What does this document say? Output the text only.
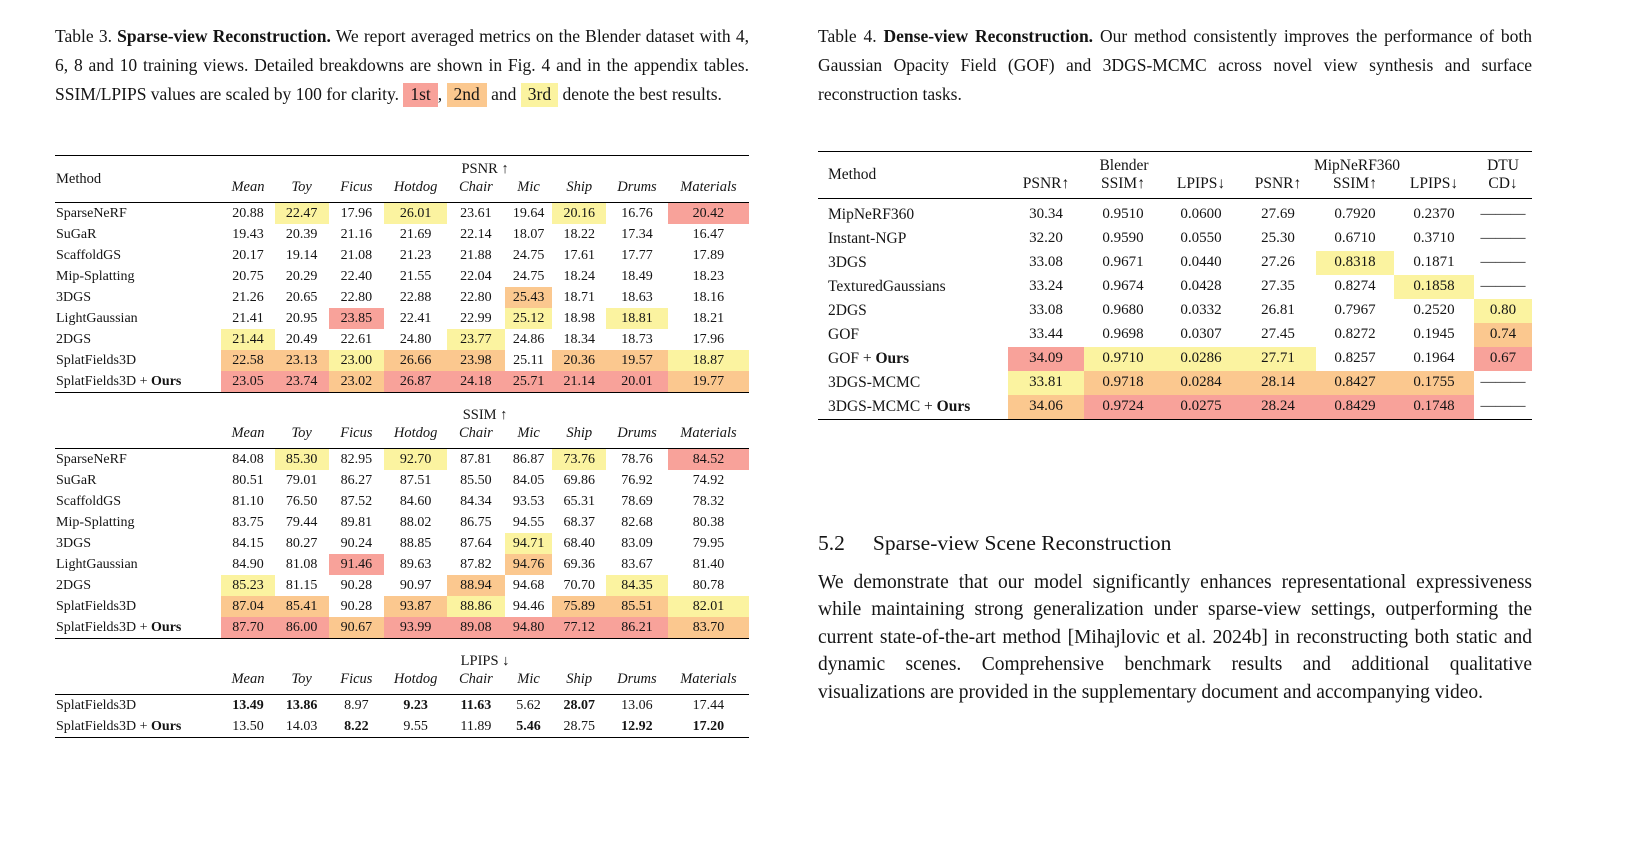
Table 3. Sparse-view Reconstruction. We report averaged metrics on the Blender dataset with 4, 6, 8 and 10 training views. Detailed breakdowns are shown in Fig. 4 and in the appendix tables. SSIM/LPIPS values are scaled by 100 for clarity. 1st , 2nd and 3rd denote the best results.

Method	PSNR ↑								
	Mean	Toy	Ficus	Hotdog	Chair	Mic	Ship	Drums	Materials
SparseNeRF	20.88	22.47	17.96	26.01	23.61	19.64	20.16	16.76	20.42
SuGaR	19.43	20.39	21.16	21.69	22.14	18.07	18.22	17.34	16.47
ScaffoldGS	20.17	19.14	21.08	21.23	21.88	24.75	17.61	17.77	17.89
Mip-Splatting	20.75	20.29	22.40	21.55	22.04	24.75	18.24	18.49	18.23
3DGS	21.26	20.65	22.80	22.88	22.80	25.43	18.71	18.63	18.16
LightGaussian	21.41	20.95	23.85	22.41	22.99	25.12	18.98	18.81	18.21
2DGS	21.44	20.49	22.61	24.80	23.77	24.86	18.34	18.73	17.96
SplatFields3D	22.58	23.13	23.00	26.66	23.98	25.11	20.36	19.57	18.87
SplatFields3D + Ours	23.05	23.74	23.02	26.87	24.18	25.71	21.14	20.01	19.77
	SSIM ↑								
	Mean	Toy	Ficus	Hotdog	Chair	Mic	Ship	Drums	Materials
SparseNeRF	84.08	85.30	82.95	92.70	87.81	86.87	73.76	78.76	84.52
SuGaR	80.51	79.01	86.27	87.51	85.50	84.05	69.86	76.92	74.92
ScaffoldGS	81.10	76.50	87.52	84.60	84.34	93.53	65.31	78.69	78.32
Mip-Splatting	83.75	79.44	89.81	88.02	86.75	94.55	68.37	82.68	80.38
3DGS	84.15	80.27	90.24	88.85	87.64	94.71	68.40	83.09	79.95
LightGaussian	84.90	81.08	91.46	89.63	87.82	94.76	69.36	83.67	81.40
2DGS	85.23	81.15	90.28	90.97	88.94	94.68	70.70	84.35	80.78
SplatFields3D	87.04	85.41	90.28	93.87	88.86	94.46	75.89	85.51	82.01
SplatFields3D + Ours	87.70	86.00	90.67	93.99	89.08	94.80	77.12	86.21	83.70
	LPIPS ↓								
	Mean	Toy	Ficus	Hotdog	Chair	Mic	Ship	Drums	Materials
SplatFields3D	13.49	13.86	8.97	9.23	11.63	5.62	28.07	13.06	17.44
SplatFields3D + Ours	13.50	14.03	8.22	9.55	11.89	5.46	28.75	12.92	17.20

Table 4. Dense-view Reconstruction. Our method consistently improves the performance of both Gaussian Opacity Field (GOF) and 3DGS-MCMC across novel view synthesis and surface reconstruction tasks.

Method	Blender			MipNeRF360			DTU
	PSNR↑	SSIM↑	LPIPS↓	PSNR↑	SSIM↑	LPIPS↓	CD↓
MipNeRF360	30.34	0.9510	0.0600	27.69	0.7920	0.2370	———
Instant-NGP	32.20	0.9590	0.0550	25.30	0.6710	0.3710	———
3DGS	33.08	0.9671	0.0440	27.26	0.8318	0.1871	———
TexturedGaussians	33.24	0.9674	0.0428	27.35	0.8274	0.1858	———
2DGS	33.08	0.9680	0.0332	26.81	0.7967	0.2520	0.80
GOF	33.44	0.9698	0.0307	27.45	0.8272	0.1945	0.74
GOF + Ours	34.09	0.9710	0.0286	27.71	0.8257	0.1964	0.67
3DGS-MCMC	33.81	0.9718	0.0284	28.14	0.8427	0.1755	———
3DGS-MCMC + Ours	34.06	0.9724	0.0275	28.24	0.8429	0.1748	———
5.2 Sparse-view Scene Reconstruction

We demonstrate that our model significantly enhances representational expressiveness while maintaining strong generalization under sparse-view settings, outperforming the current state-of-the-art method [Mihajlovic et al. 2024b] in reconstructing both static and dynamic scenes. Comprehensive benchmark results and additional qualitative visualizations are provided in the supplementary document and accompanying video.
